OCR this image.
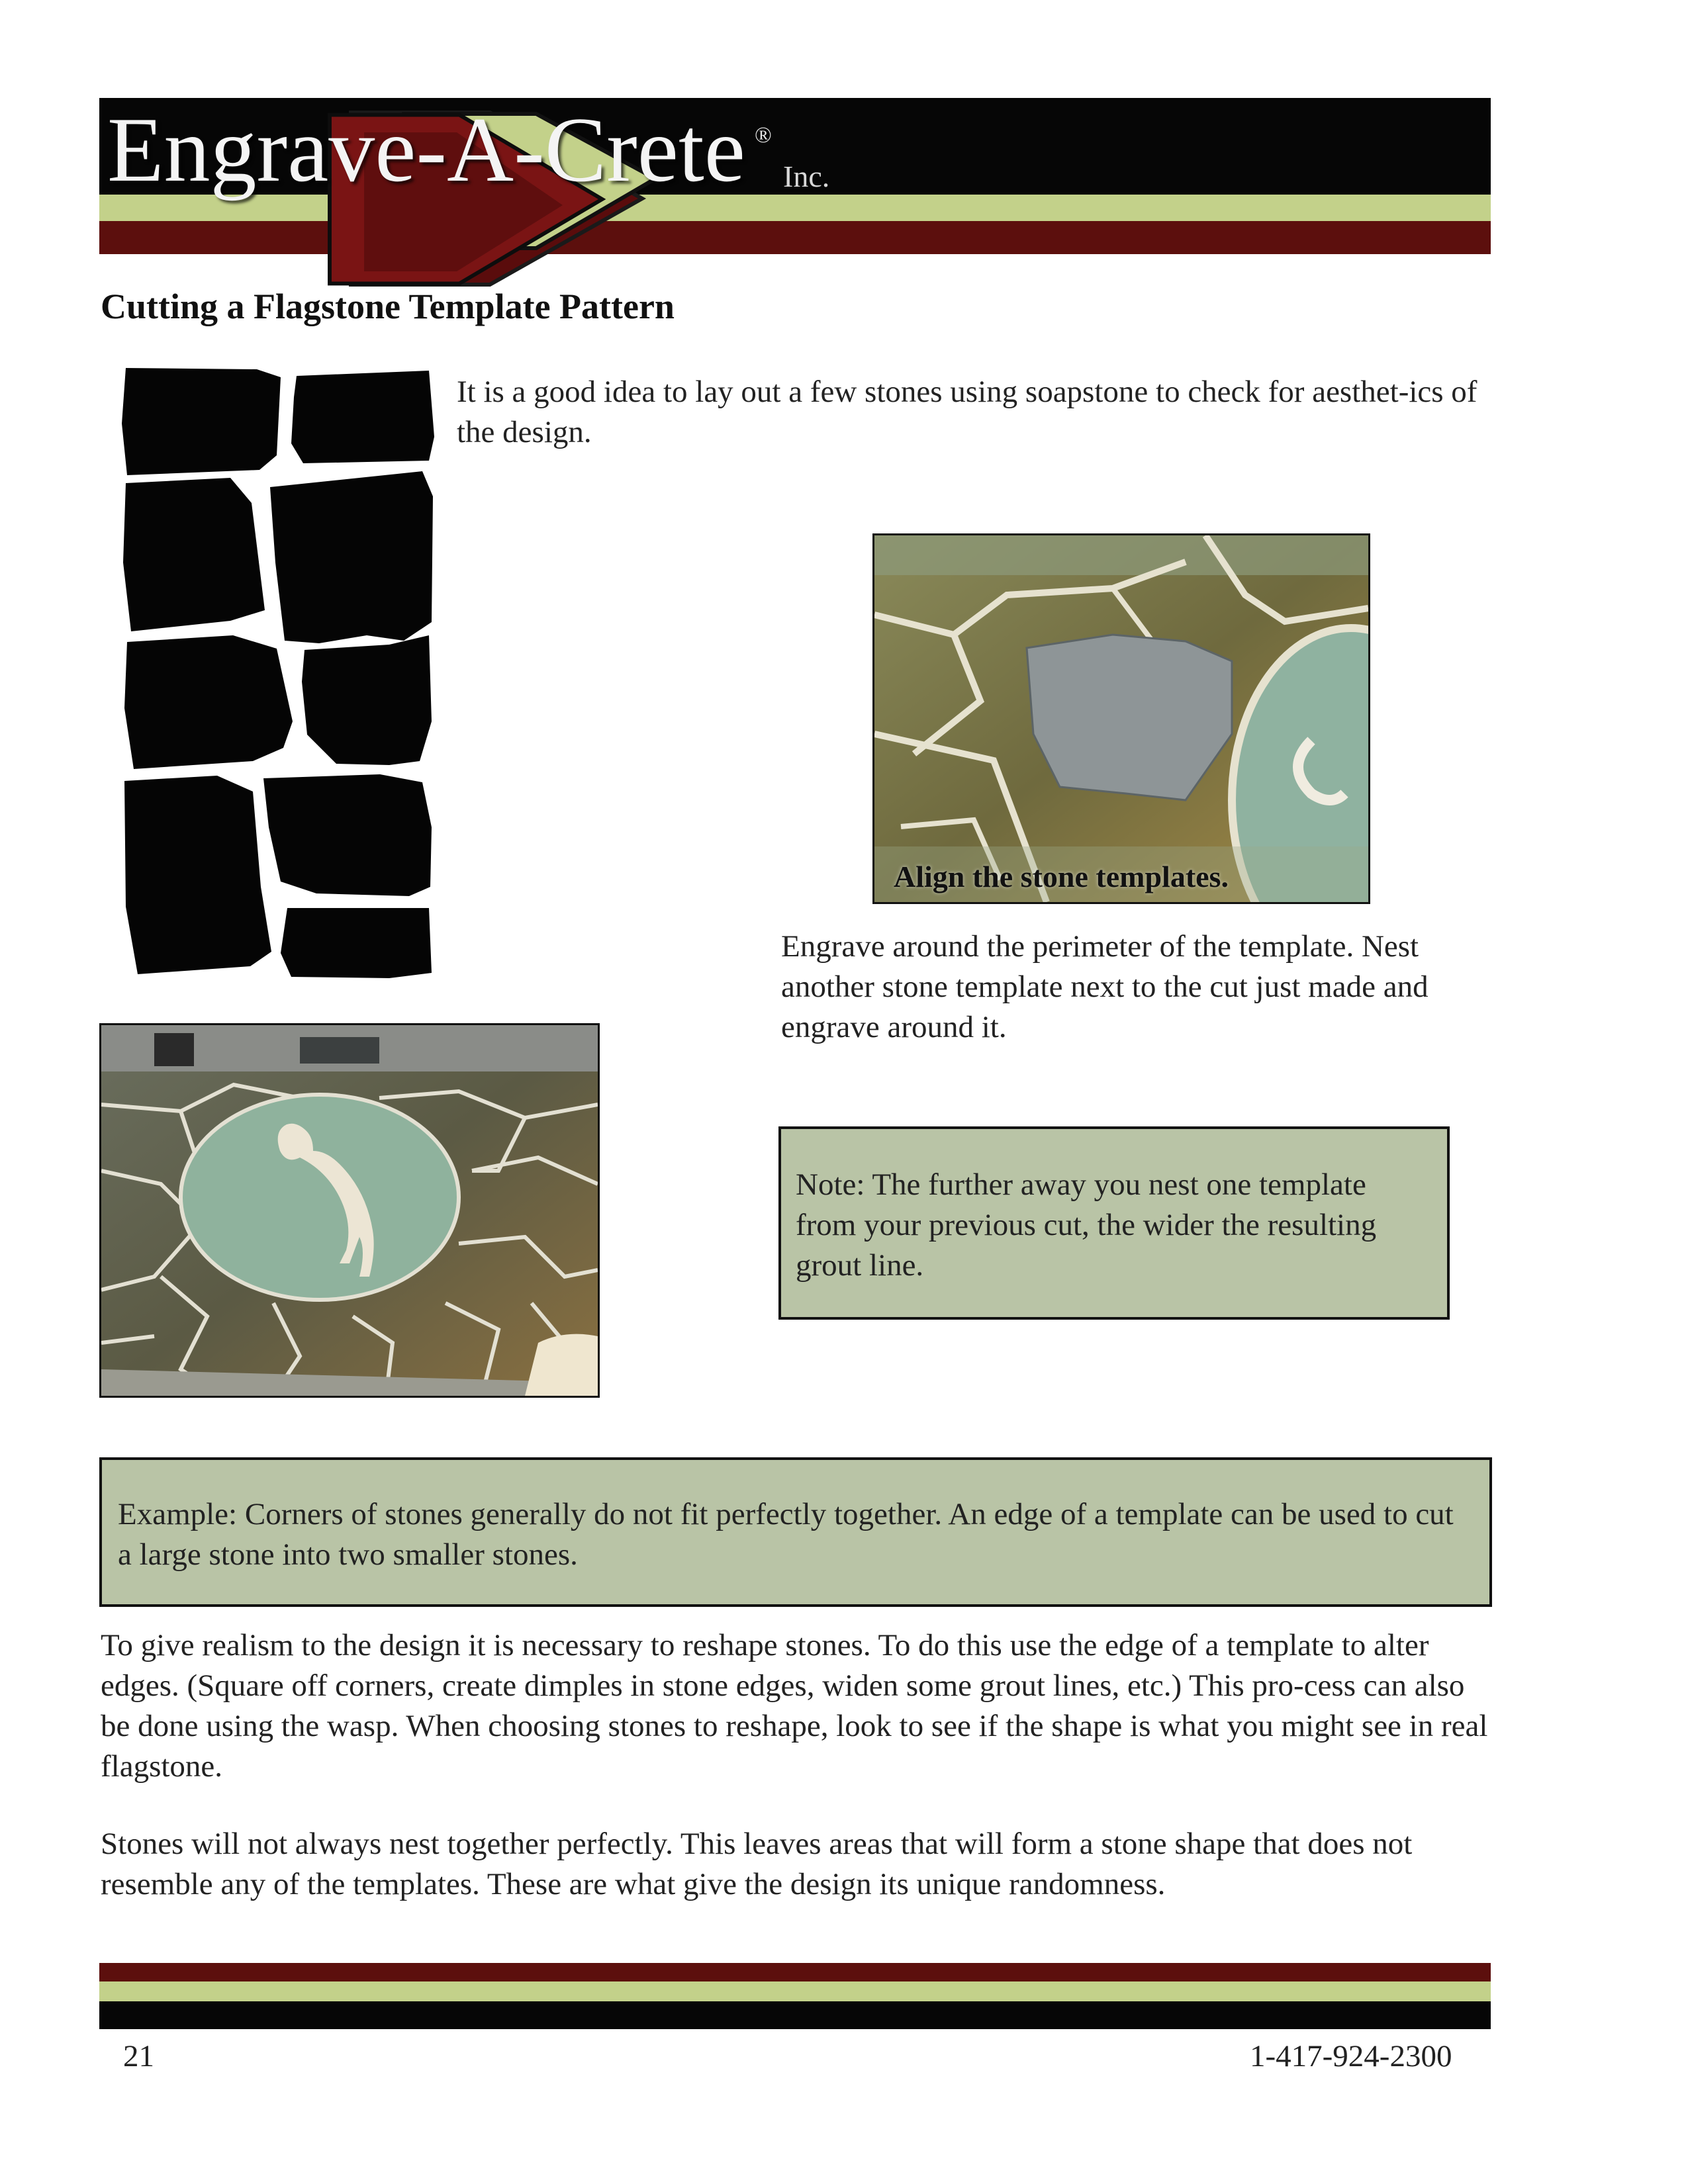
Engrave-A-Crete ®
Inc.
Cutting a Flagstone Template Pattern
It is a good idea to lay out a few stones using soapstone to check for aesthet-ics of the design.
Align the stone templates.
Engrave around the perimeter of the template. Nest another stone template next to the cut just made and engrave around it.
Note: The further away you nest one template from your previous cut, the wider the resulting grout line.
Example: Corners of stones generally do not fit perfectly together. An edge of a template can be used to cut a large stone into two smaller stones.
To give realism to the design it is necessary to reshape stones. To do this use the edge of a template to alter edges. (Square off corners, create dimples in stone edges, widen some grout lines, etc.) This pro-cess can also be done using the wasp. When choosing stones to reshape, look to see if the shape is what you might see in real flagstone.
Stones will not always nest together perfectly. This leaves areas that will form a stone shape that does not resemble any of the templates. These are what give the design its unique randomness.
21	1-417-924-2300
